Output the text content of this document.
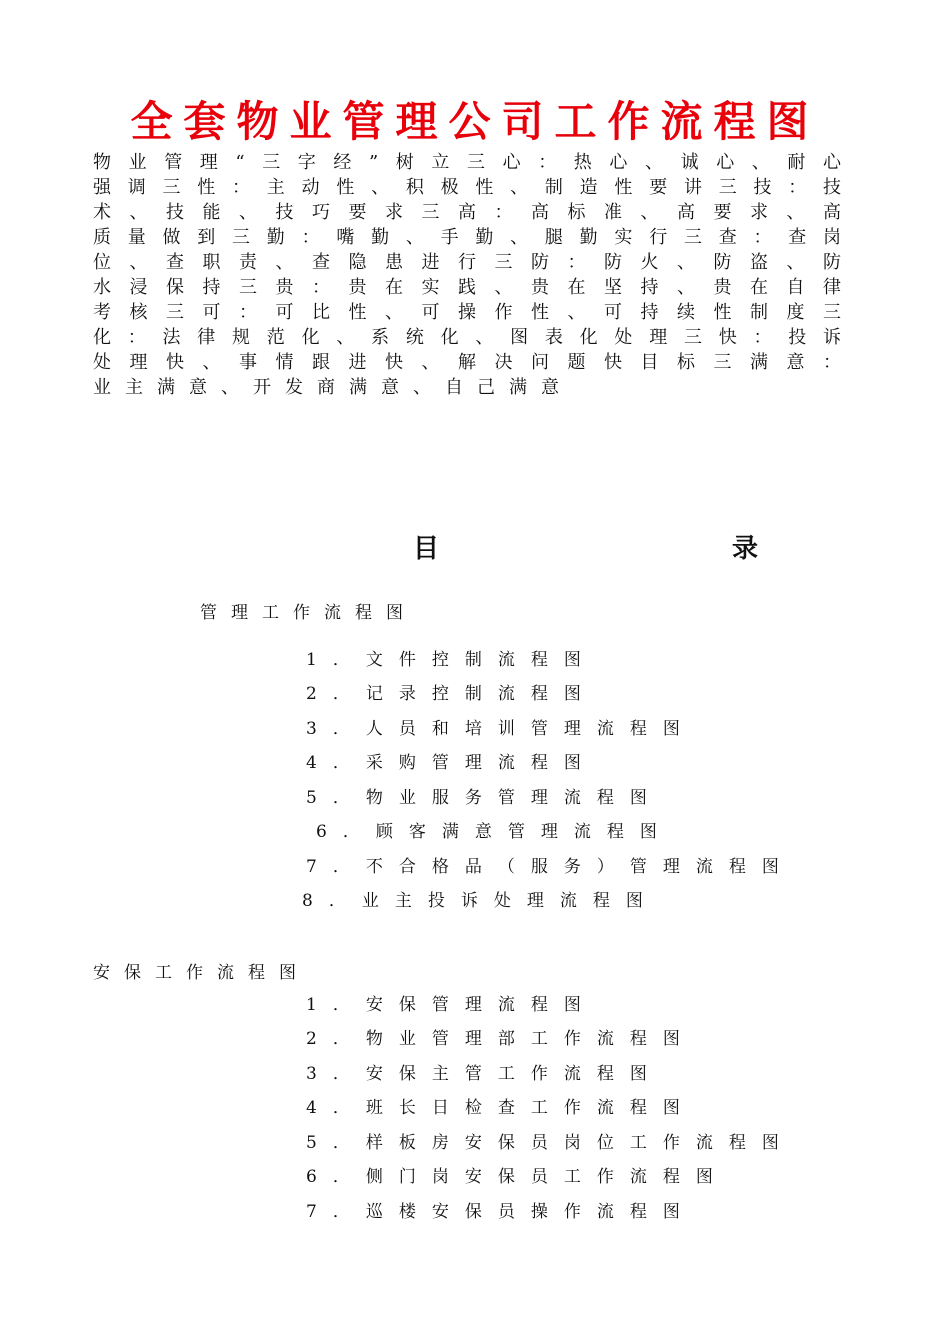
全套物业管理公司工作流程图
物业管理“三字经”树立三心：热心、诚心、耐心
强调三性：主动性、积极性、制造性要讲三技：技
术、技能、技巧要求三高：高标准、高要求、高
质量做到三勤：嘴勤、手勤、腿勤实行三查：查岗
位、查职责、查隐患进行三防：防火、防盗、防
水浸保持三贵：贵在实践、贵在坚持、贵在自律
考核三可：可比性、可操作性、可持续性制度三
化：法律规范化、系统化、图表化处理三快：投诉
处理快、事情跟进快、解决问题快目标三满意：
业主满意、开发商满意、自己满意
目	录
管理工作流程图
1．文件控制流程图
2．记录控制流程图
3．人员和培训管理流程图
4．采购管理流程图
5．物业服务管理流程图
6．顾客满意管理流程图
7．不合格品（服务）管理流程图
8．业主投诉处理流程图
安保工作流程图
1．安保管理流程图
2．物业管理部工作流程图
3．安保主管工作流程图
4．班长日检查工作流程图
5．样板房安保员岗位工作流程图
6．侧门岗安保员工作流程图
7．巡楼安保员操作流程图
